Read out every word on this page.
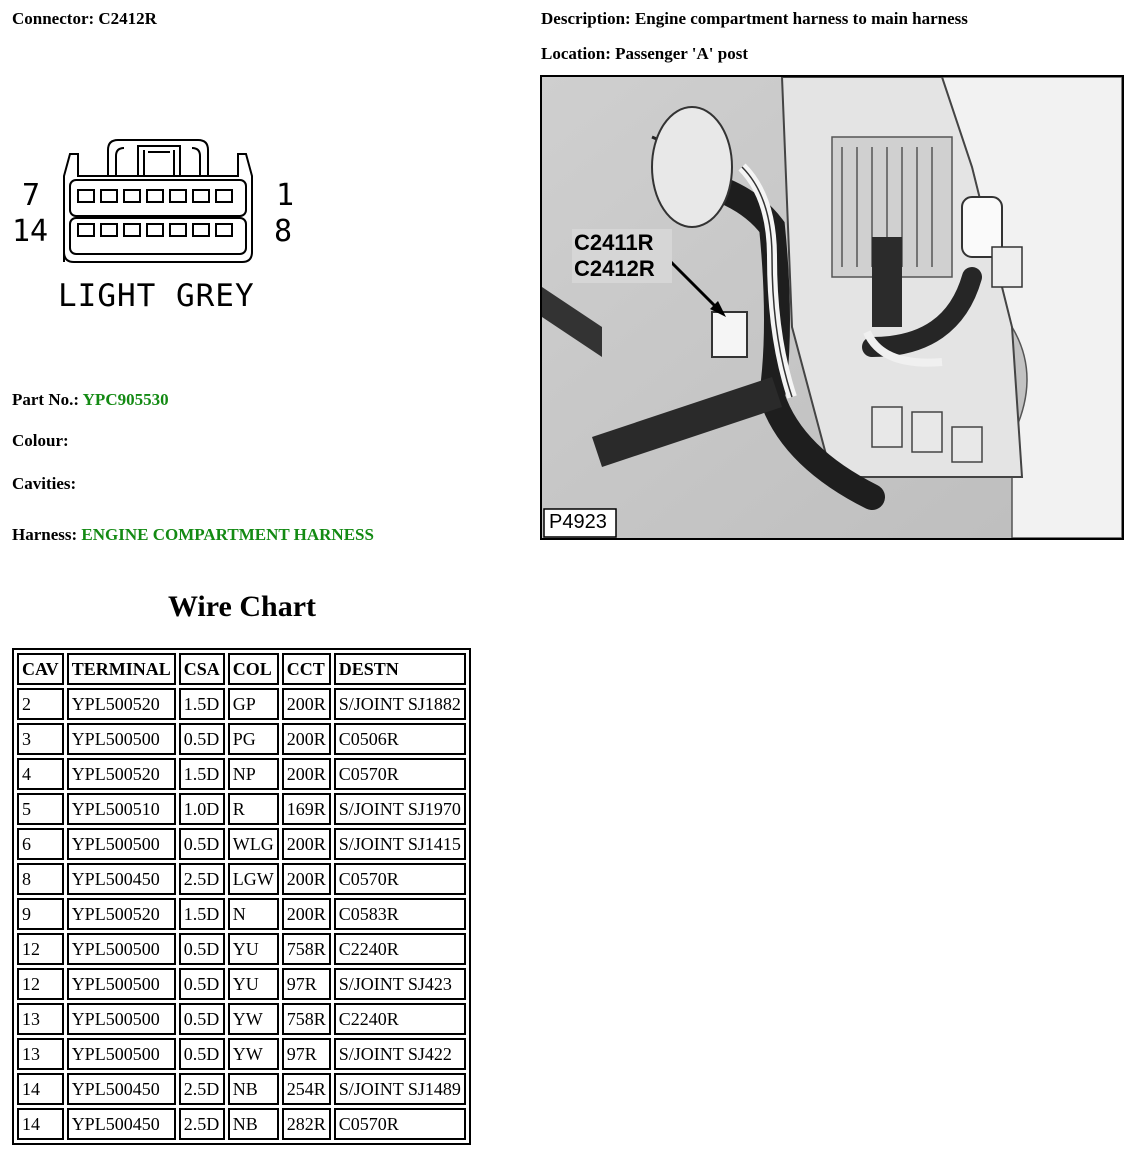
Connector: C2412R	Description: Engine compartment harness to main harness
Location: Passenger 'A' post
7
14
1
8
LIGHT GREY
Part No.: YPC905530
Colour:
Cavities:
Harness: ENGINE COMPARTMENT HARNESS
C2411R
C2412R
P4923
Wire Chart
CAV	TERMINAL	CSA	COL	CCT	DESTN
2	YPL500520	1.5D	GP	200R	S/JOINT SJ1882
3	YPL500500	0.5D	PG	200R	C0506R
4	YPL500520	1.5D	NP	200R	C0570R
5	YPL500510	1.0D	R	169R	S/JOINT SJ1970
6	YPL500500	0.5D	WLG	200R	S/JOINT SJ1415
8	YPL500450	2.5D	LGW	200R	C0570R
9	YPL500520	1.5D	N	200R	C0583R
12	YPL500500	0.5D	YU	758R	C2240R
12	YPL500500	0.5D	YU	97R	S/JOINT SJ423
13	YPL500500	0.5D	YW	758R	C2240R
13	YPL500500	0.5D	YW	97R	S/JOINT SJ422
14	YPL500450	2.5D	NB	254R	S/JOINT SJ1489
14	YPL500450	2.5D	NB	282R	C0570R
